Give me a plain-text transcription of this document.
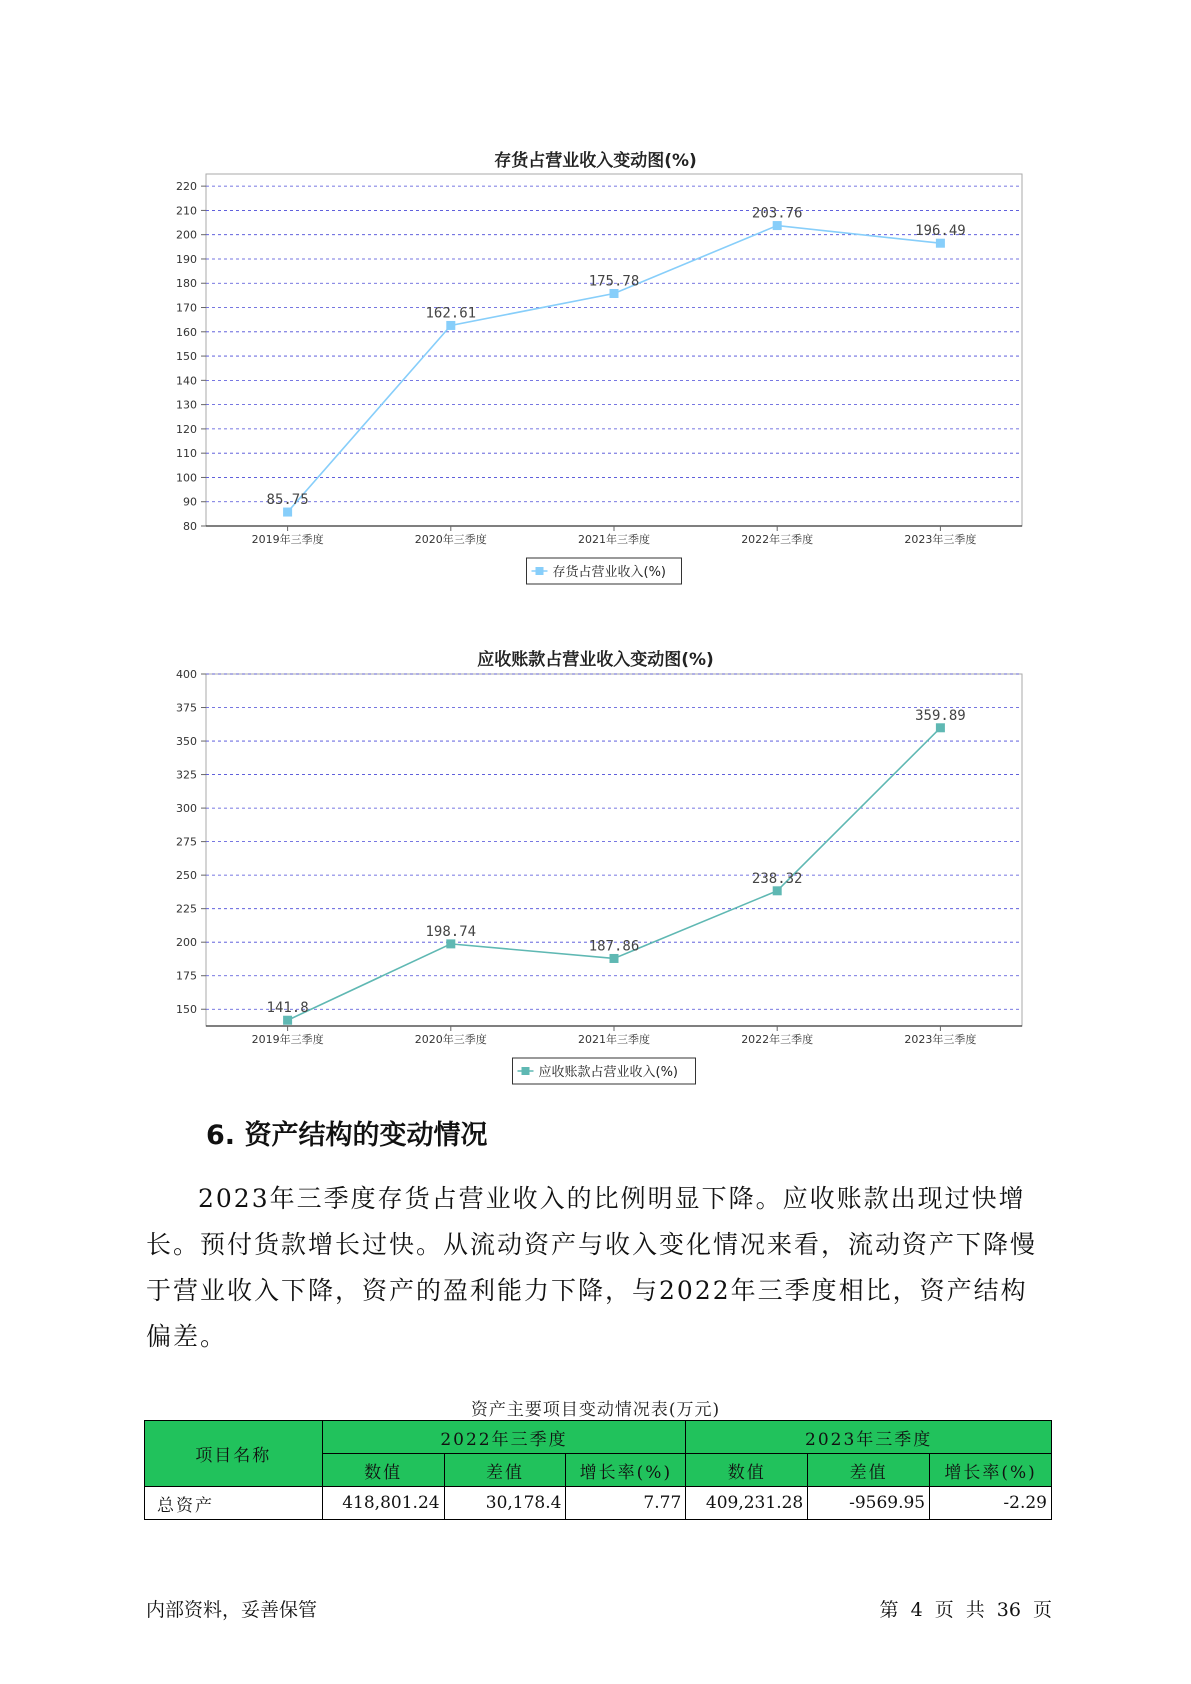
存货占营业收入变动图(%)
80
90
100
110
120
130
140
150
160
170
180
190
200
210
220
2019年三季度	2020年三季度	2021年三季度	2022年三季度	2023年三季度
85.75
162.61
175.78
203.76
196.49
存货占营业收入(%)
应收账款占营业收入变动图(%)
150
175
200
225
250
275
300
325
350
375
400
2019年三季度	2020年三季度	2021年三季度	2022年三季度	2023年三季度
141.8
198.74
187.86
238.32
359.89
应收账款占营业收入(%)
6. 资产结构的变动情况
2023年三季度存货占营业收入的比例明显下降。应收账款出现过快增长。预付货款增长过快。从流动资产与收入变化情况来看，流动资产下降慢于营业收入下降，资产的盈利能力下降，与2022年三季度相比，资产结构偏差。
资产主要项目变动情况表(万元)
项目名称	2022年三季度			2023年三季度		
	数值	差值	增长率(%)	数值	差值	增长率(%)
总资产	418,801.24	30,178.4	7.77	409,231.28	-9569.95	-2.29
内部资料，妥善保管	第 4 页 共 36 页
